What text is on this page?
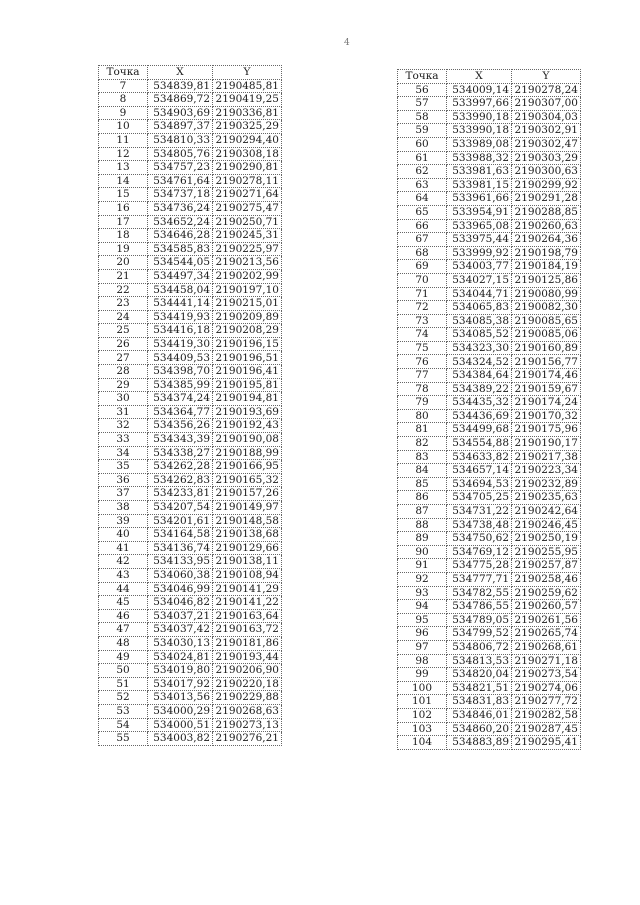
4
Точка	X	Y
7	534839,81	2190485,81
8	534869,72	2190419,25
9	534903,69	2190336,81
10	534897,37	2190325,29
11	534810,33	2190294,40
12	534805,76	2190308,18
13	534757,23	2190290,81
14	534761,64	2190278,11
15	534737,18	2190271,64
16	534736,24	2190275,47
17	534652,24	2190250,71
18	534646,28	2190245,31
19	534585,83	2190225,97
20	534544,05	2190213,56
21	534497,34	2190202,99
22	534458,04	2190197,10
23	534441,14	2190215,01
24	534419,93	2190209,89
25	534416,18	2190208,29
26	534419,30	2190196,15
27	534409,53	2190196,51
28	534398,70	2190196,41
29	534385,99	2190195,81
30	534374,24	2190194,81
31	534364,77	2190193,69
32	534356,26	2190192,43
33	534343,39	2190190,08
34	534338,27	2190188,99
35	534262,28	2190166,95
36	534262,83	2190165,32
37	534233,81	2190157,26
38	534207,54	2190149,97
39	534201,61	2190148,58
40	534164,58	2190138,68
41	534136,74	2190129,66
42	534133,95	2190138,11
43	534060,38	2190108,94
44	534046,99	2190141,29
45	534046,82	2190141,22
46	534037,21	2190163,64
47	534037,42	2190163,72
48	534030,13	2190181,86
49	534024,81	2190193,44
50	534019,80	2190206,90
51	534017,92	2190220,18
52	534013,56	2190229,88
53	534000,29	2190268,63
54	534000,51	2190273,13
55	534003,82	2190276,21
Точка	X	Y
56	534009,14	2190278,24
57	533997,66	2190307,00
58	533990,18	2190304,03
59	533990,18	2190302,91
60	533989,08	2190302,47
61	533988,32	2190303,29
62	533981,63	2190300,63
63	533981,15	2190299,92
64	533961,66	2190291,28
65	533954,91	2190288,85
66	533965,08	2190260,63
67	533975,44	2190264,36
68	533999,92	2190198,79
69	534003,77	2190184,19
70	534027,15	2190125,86
71	534044,71	2190080,99
72	534065,83	2190082,30
73	534085,38	2190085,65
74	534085,52	2190085,06
75	534323,30	2190160,89
76	534324,52	2190156,77
77	534384,64	2190174,46
78	534389,22	2190159,67
79	534435,32	2190174,24
80	534436,69	2190170,32
81	534499,68	2190175,96
82	534554,88	2190190,17
83	534633,82	2190217,38
84	534657,14	2190223,34
85	534694,53	2190232,89
86	534705,25	2190235,63
87	534731,22	2190242,64
88	534738,48	2190246,45
89	534750,62	2190250,19
90	534769,12	2190255,95
91	534775,28	2190257,87
92	534777,71	2190258,46
93	534782,55	2190259,62
94	534786,55	2190260,57
95	534789,05	2190261,56
96	534799,52	2190265,74
97	534806,72	2190268,61
98	534813,53	2190271,18
99	534820,04	2190273,54
100	534821,51	2190274,06
101	534831,83	2190277,72
102	534846,01	2190282,58
103	534860,20	2190287,45
104	534883,89	2190295,41
